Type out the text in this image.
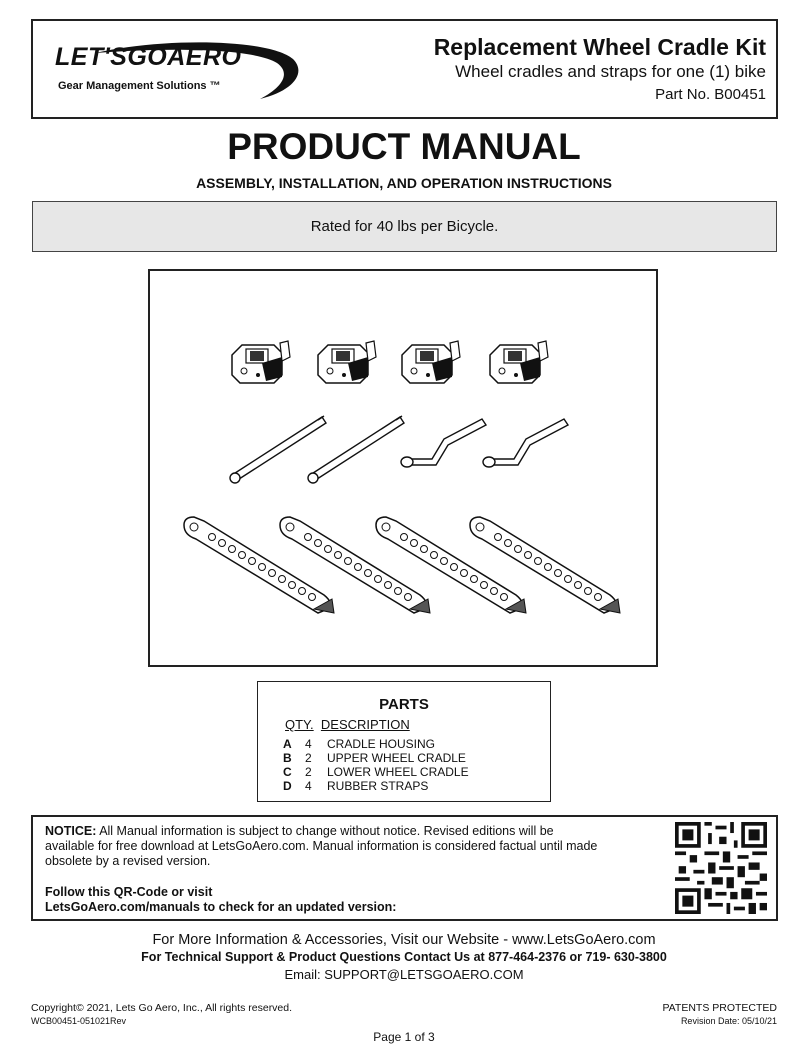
LET'SGOAERO
Gear Management Solutions ™
Replacement Wheel Cradle Kit
Wheel cradles and straps for one (1) bike
Part No. B00451
PRODUCT MANUAL
ASSEMBLY, INSTALLATION, AND OPERATION INSTRUCTIONS
Rated for 40 lbs per Bicycle.
PARTS
QTY. DESCRIPTION
A 4 CRADLE HOUSING
B 2 UPPER WHEEL CRADLE
C 2 LOWER WHEEL CRADLE
D 4 RUBBER STRAPS
NOTICE: All Manual information is subject to change without notice. Revised editions will be available for free download at LetsGoAero.com. Manual information is considered factual until made obsolete by a revised version.
Follow this QR-Code or visit
LetsGoAero.com/manuals to check for an updated version:
For More Information & Accessories, Visit our Website - www.LetsGoAero.com
For Technical Support & Product Questions Contact Us at 877-464-2376 or 719- 630-3800
Email: SUPPORT@LETSGOAERO.COM
Copyright© 2021, Lets Go Aero, Inc., All rights reserved.
WCB00451-051021Rev
PATENTS PROTECTED
Revision Date: 05/10/21
Page 1 of 3
